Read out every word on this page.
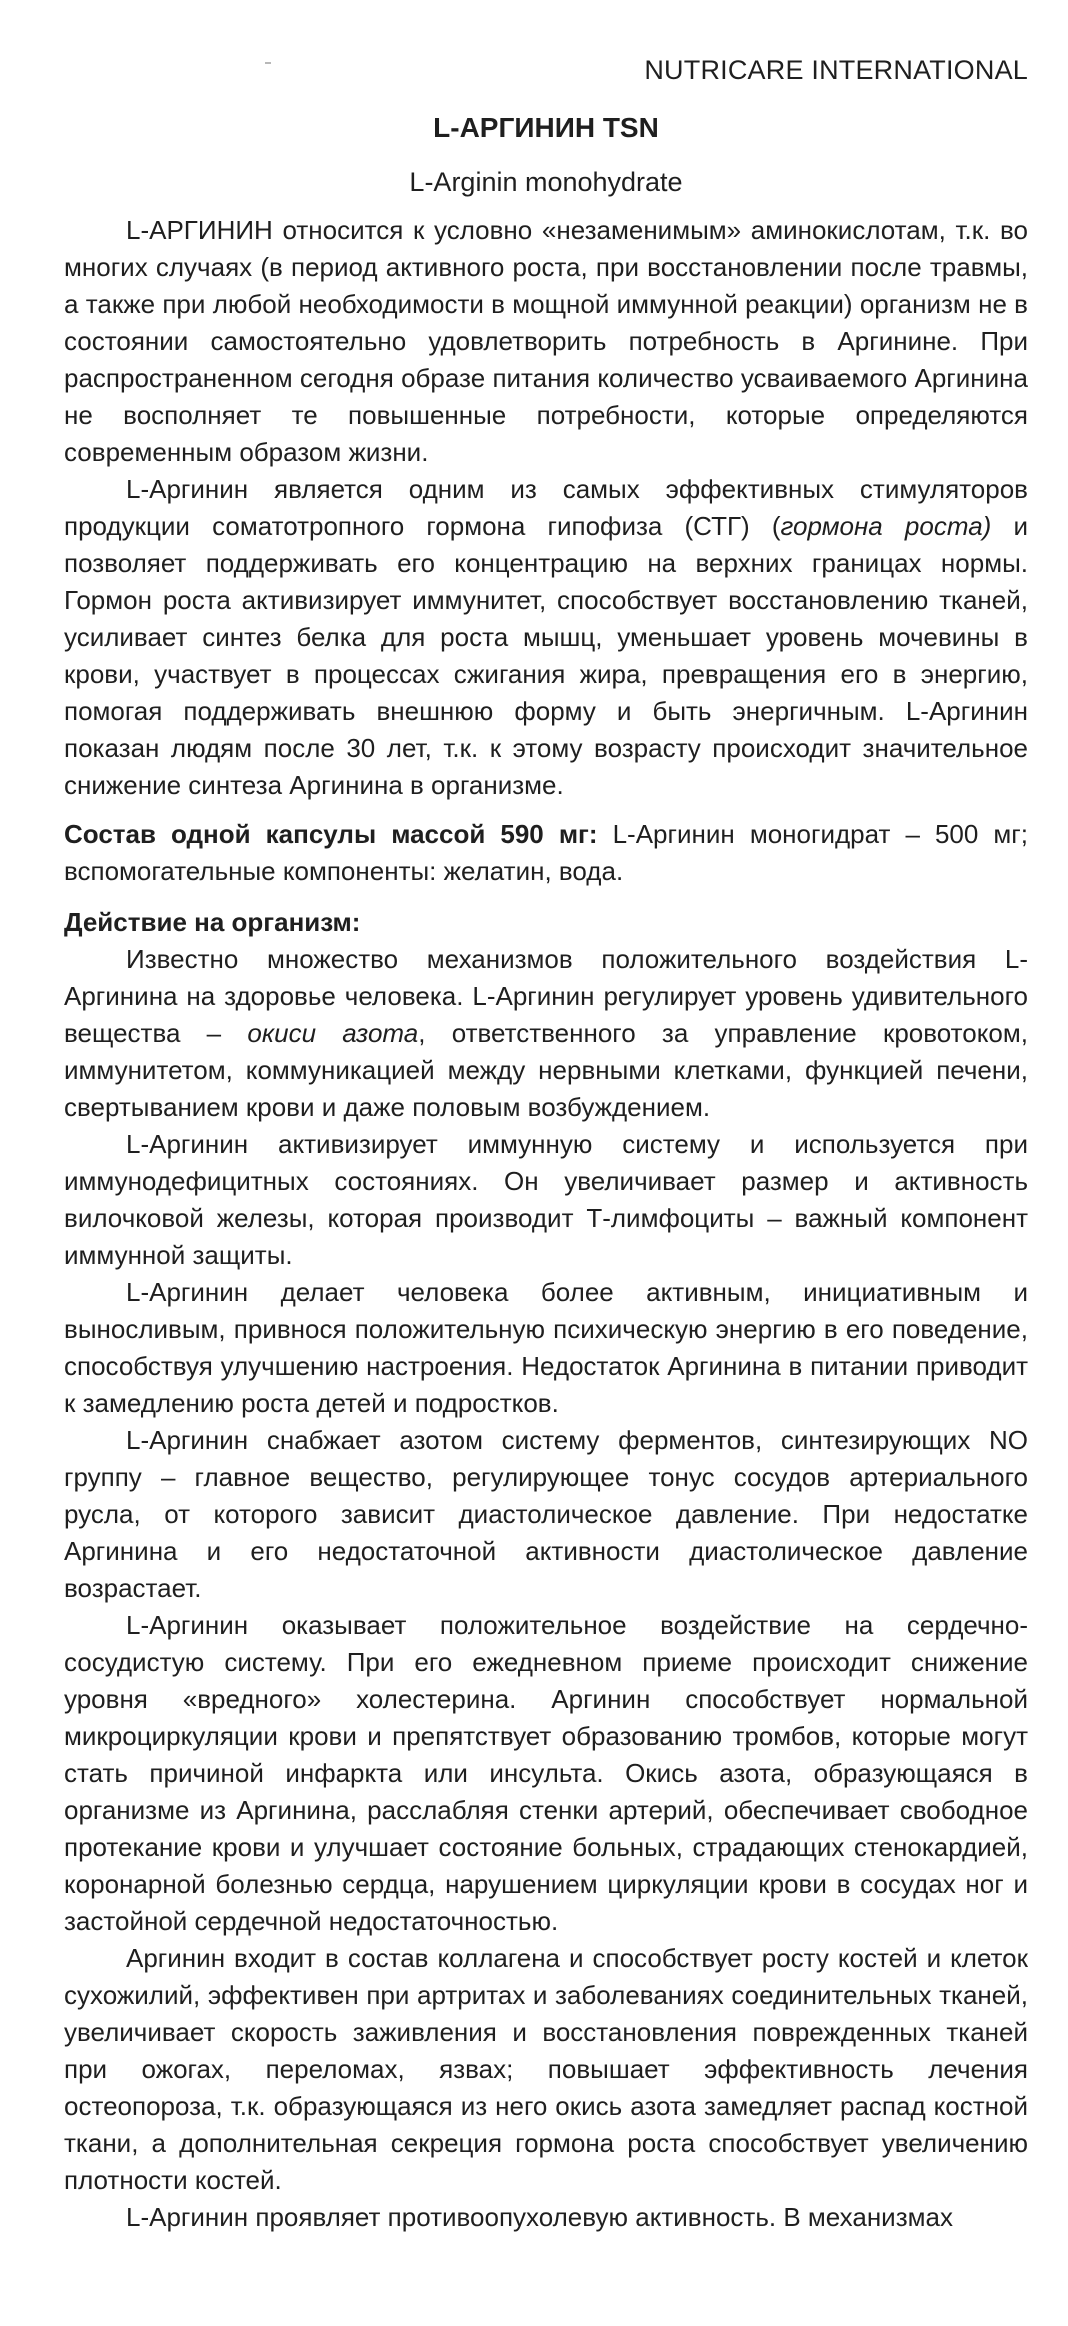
NUTRICARE INTERNATIONAL
L-АРГИНИН TSN
L-Arginin monohydrate

L-АРГИНИН относится к условно «незаменимым» аминокислотам, т.к. во многих случаях (в период активного роста, при восстановлении после травмы, а также при любой необходимости в мощной иммунной реакции) организм не в состоянии самостоятельно удовлетворить потребность в Аргинине. При распространенном сегодня образе питания количество усваиваемого Аргинина не восполняет те повышенные потребности, которые определяются современным образом жизни.

L-Аргинин является одним из самых эффективных стимуляторов продукции соматотропного гормона гипофиза (СТГ) (гормона роста) и позволяет поддерживать его концентрацию на верхних границах нормы. Гормон роста активизирует иммунитет, способствует восстановлению тканей, усиливает синтез белка для роста мышц, уменьшает уровень мочевины в крови, участвует в процессах сжигания жира, превращения его в энергию, помогая поддерживать внешнюю форму и быть энергичным. L-Аргинин показан людям после 30 лет, т.к. к этому возрасту происходит значительное снижение синтеза Аргинина в организме.

Состав одной капсулы массой 590 мг: L-Аргинин моногидрат – 500 мг; вспомогательные компоненты: желатин, вода.

Действие на организм:

Известно множество механизмов положительного воздействия L-Аргинина на здоровье человека. L-Аргинин регулирует уровень удивительного вещества – окиси азота, ответственного за управление кровотоком, иммунитетом, коммуникацией между нервными клетками, функцией печени, свертыванием крови и даже половым возбуждением.

L-Аргинин активизирует иммунную систему и используется при иммунодефицитных состояниях. Он увеличивает размер и активность вилочковой железы, которая производит Т-лимфоциты – важный компонент иммунной защиты.

L-Аргинин делает человека более активным, инициативным и выносливым, привнося положительную психическую энергию в его поведение, способствуя улучшению настроения. Недостаток Аргинина в питании приводит к замедлению роста детей и подростков.

L-Аргинин снабжает азотом систему ферментов, синтезирующих NO группу – главное вещество, регулирующее тонус сосудов артериального русла, от которого зависит диастолическое давление. При недостатке Аргинина и его недостаточной активности диастолическое давление возрастает.

L-Аргинин оказывает положительное воздействие на сердечно-сосудистую систему. При его ежедневном приеме происходит снижение уровня «вредного» холестерина. Аргинин способствует нормальной микроциркуляции крови и препятствует образованию тромбов, которые могут стать причиной инфаркта или инсульта. Окись азота, образующаяся в организме из Аргинина, расслабляя стенки артерий, обеспечивает свободное протекание крови и улучшает состояние больных, страдающих стенокардией, коронарной болезнью сердца, нарушением циркуляции крови в сосудах ног и застойной сердечной недостаточностью.

Аргинин входит в состав коллагена и способствует росту костей и клеток сухожилий, эффективен при артритах и заболеваниях соединительных тканей, увеличивает скорость заживления и восстановления поврежденных тканей при ожогах, переломах, язвах; повышает эффективность лечения остеопороза, т.к. образующаяся из него окись азота замедляет распад костной ткани, а дополнительная секреция гормона роста способствует увеличению плотности костей.

L-Аргинин проявляет противоопухолевую активность. В механизмах
